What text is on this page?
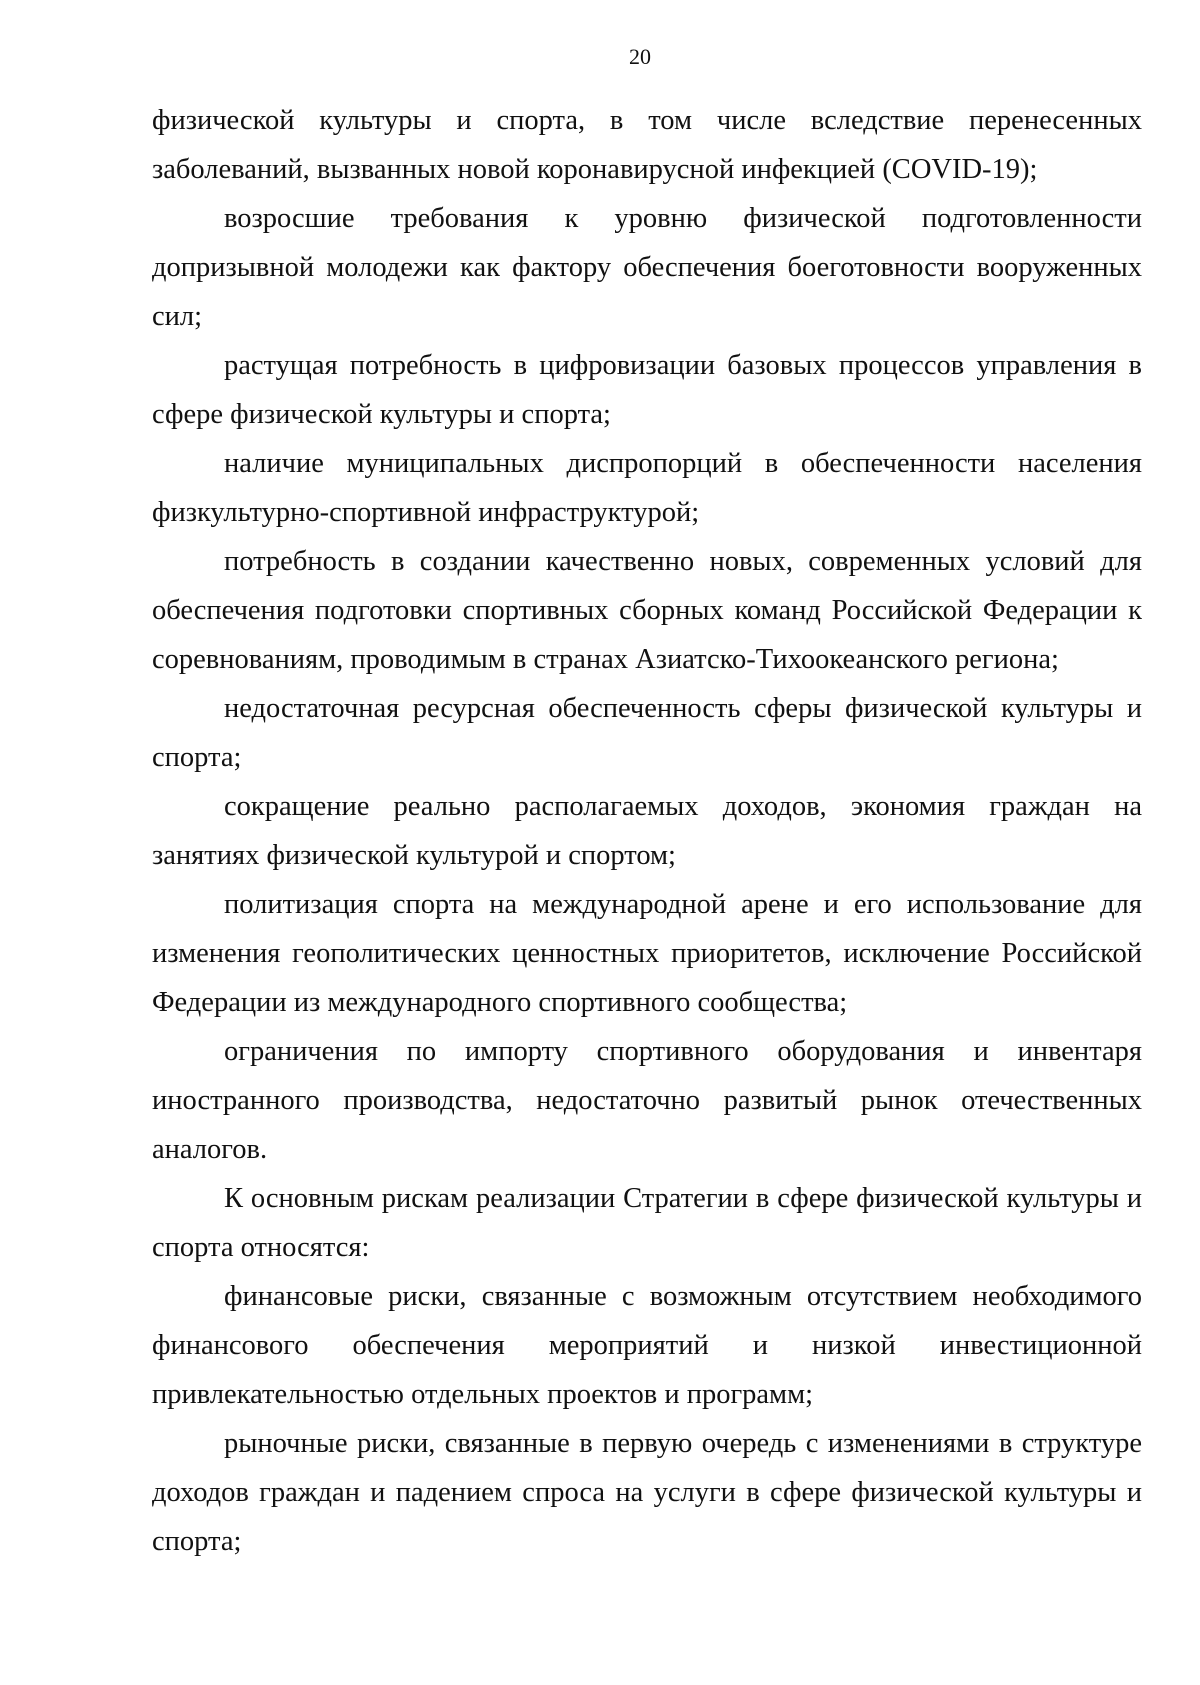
20

физической культуры и спорта, в том числе вследствие перенесенных заболеваний, вызванных новой коронавирусной инфекцией (COVID-19);

возросшие требования к уровню физической подготовленности допризывной молодежи как фактору обеспечения боеготовности вооруженных сил;

растущая потребность в цифровизации базовых процессов управления в сфере физической культуры и спорта;

наличие муниципальных диспропорций в обеспеченности населения физкультурно-спортивной инфраструктурой;

потребность в создании качественно новых, современных условий для обеспечения подготовки спортивных сборных команд Российской Федерации к соревнованиям, проводимым в странах Азиатско-Тихоокеанского региона;

недостаточная ресурсная обеспеченность сферы физической культуры и спорта;

сокращение реально располагаемых доходов, экономия граждан на занятиях физической культурой и спортом;

политизация спорта на международной арене и его использование для изменения геополитических ценностных приоритетов, исключение Российской Федерации из международного спортивного сообщества;

ограничения по импорту спортивного оборудования и инвентаря иностранного производства, недостаточно развитый рынок отечественных аналогов.

К основным рискам реализации Стратегии в сфере физической культуры и спорта относятся:

финансовые риски, связанные с возможным отсутствием необходимого финансового обеспечения мероприятий и низкой инвестиционной привлекательностью отдельных проектов и программ;

рыночные риски, связанные в первую очередь с изменениями в структуре доходов граждан и падением спроса на услуги в сфере физической культуры и спорта;
